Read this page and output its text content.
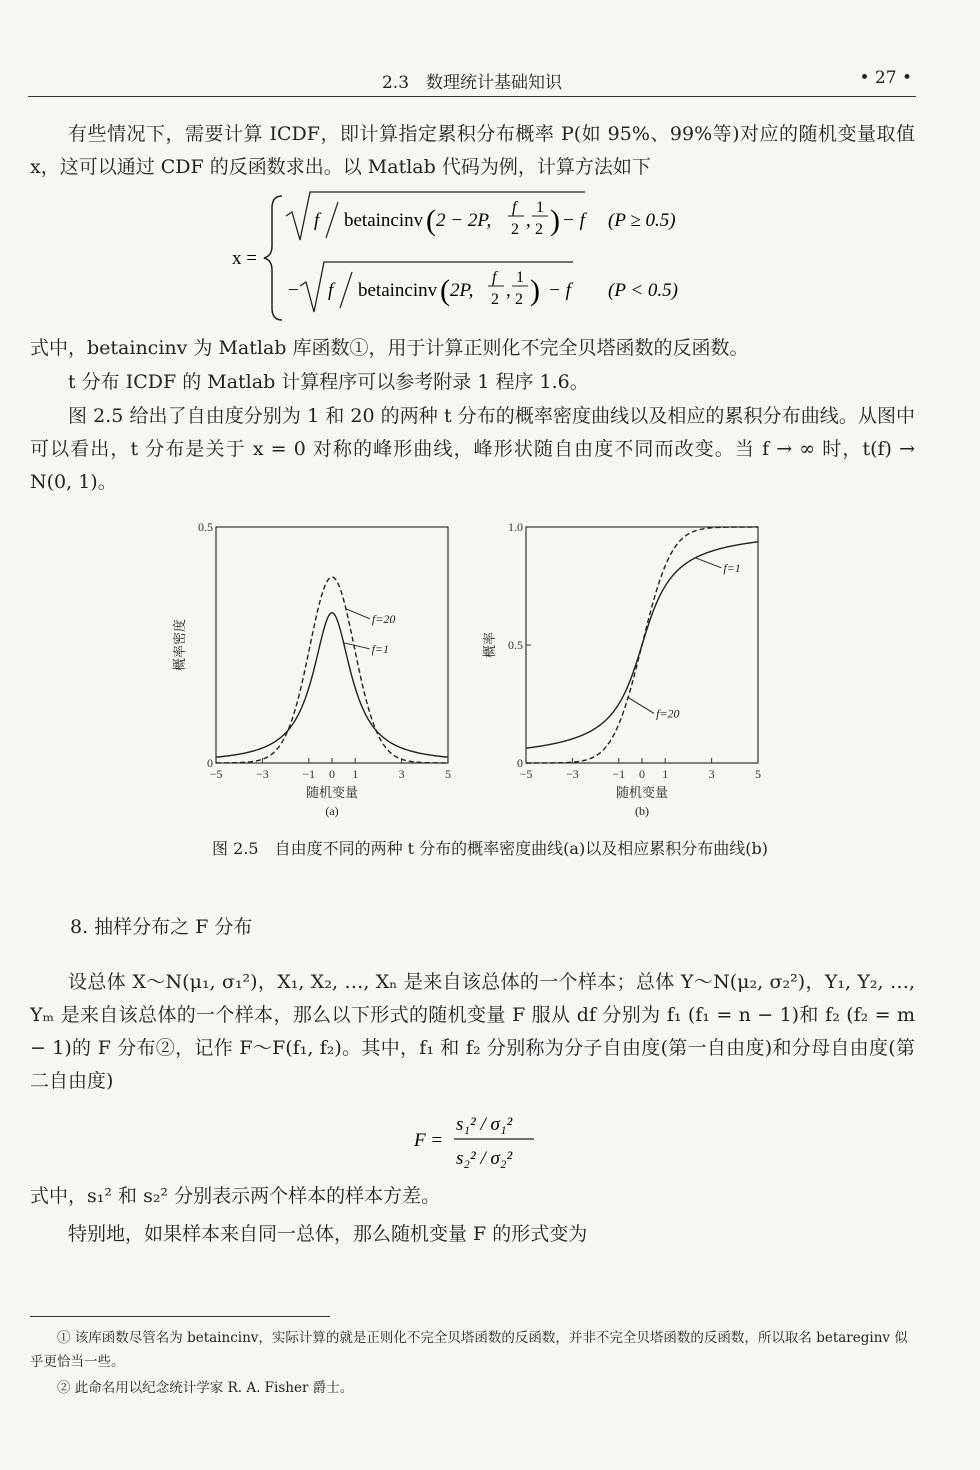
2.3　数理统计基础知识	• 27 •
有些情况下，需要计算 ICDF，即计算指定累积分布概率 P(如 95%、99%等)对应的随机变量取值 x，这可以通过 CDF 的反函数求出。以 Matlab 代码为例，计算方法如下
x =
f betaincinv ( 2 − 2P,
f
2 ,
1
2 ) − f (P ≥ 0.5)
− f betaincinv ( 2P,
f
2 ,
1
2 ) − f (P < 0.5)
式中，betaincinv 为 Matlab 库函数①，用于计算正则化不完全贝塔函数的反函数。
t 分布 ICDF 的 Matlab 计算程序可以参考附录 1 程序 1.6。
图 2.5 给出了自由度分别为 1 和 20 的两种 t 分布的概率密度曲线以及相应的累积分布曲线。从图中可以看出，t 分布是关于 x = 0 对称的峰形曲线，峰形状随自由度不同而改变。当 f → ∞ 时，t(f) → N(0, 1)。
−5	−3	−1 0 1	3	5
0
0.5
随机变量
(a)
概率密度
f=20
f=1
−5	−3	−1 0 1	3	5
0
0.5
1.0
随机变量
(b)
概率
f=1
f=20
图 2.5　自由度不同的两种 t 分布的概率密度曲线(a)以及相应累积分布曲线(b)
8. 抽样分布之 F 分布
设总体 X～N(μ₁, σ₁²)，X₁, X₂, …, Xₙ 是来自该总体的一个样本；总体 Y～N(μ₂, σ₂²)，Y₁, Y₂, …, Yₘ 是来自该总体的一个样本，那么以下形式的随机变量 F 服从 df 分别为 f₁ (f₁ = n − 1)和 f₂ (f₂ = m − 1)的 F 分布②，记作 F～F(f₁, f₂)。其中，f₁ 和 f₂ 分别称为分子自由度(第一自由度)和分母自由度(第二自由度)
F =
s₁² / σ₁²
s₂² / σ₂²
式中，s₁² 和 s₂² 分别表示两个样本的样本方差。
特别地，如果样本来自同一总体，那么随机变量 F 的形式变为
① 该库函数尽管名为 betaincinv，实际计算的就是正则化不完全贝塔函数的反函数，并非不完全贝塔函数的反函数，所以取名 betareginv 似乎更恰当一些。
② 此命名用以纪念统计学家 R. A. Fisher 爵士。
